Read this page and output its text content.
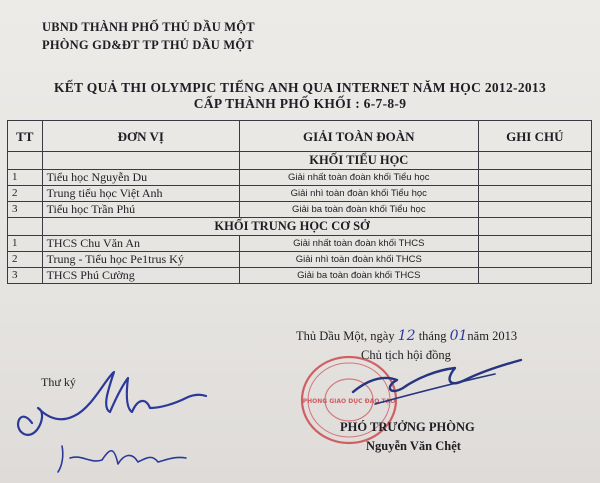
UBND THÀNH PHỐ THỦ DẦU MỘT
PHÒNG GD&ĐT TP THỦ DẦU MỘT
KẾT QUẢ THI OLYMPIC TIẾNG ANH QUA INTERNET NĂM HỌC 2012-2013
CẤP THÀNH PHỐ KHỐI : 6-7-8-9
TT	ĐƠN VỊ	GIẢI TOÀN ĐOÀN	GHI CHÚ
		KHỐI TIỂU HỌC	
1	Tiểu học Nguyễn Du	Giải nhất toàn đoàn khối Tiểu học	
2	Trung tiểu học Việt Anh	Giải nhì toàn đoàn khối Tiểu học	
3	Tiểu học Trần Phú	Giải ba toàn đoàn khối Tiểu học	
	KHỐI TRUNG HỌC CƠ SỞ		
1	THCS Chu Văn An	Giải nhất toàn đoàn khối THCS	
2	Trung - Tiểu học Pe1trus Ký	Giải nhì toàn đoàn khối THCS	
3	THCS Phú Cường	Giải ba toàn đoàn khối THCS	
PHÒNG GIÁO DỤC ĐÀO TẠO
Thủ Dầu Một, ngày 12 tháng 01năm 2013
Chủ tịch hội đồng
Thư ký
PHÓ TRƯỞNG PHÒNG
Nguyễn Văn Chệt
